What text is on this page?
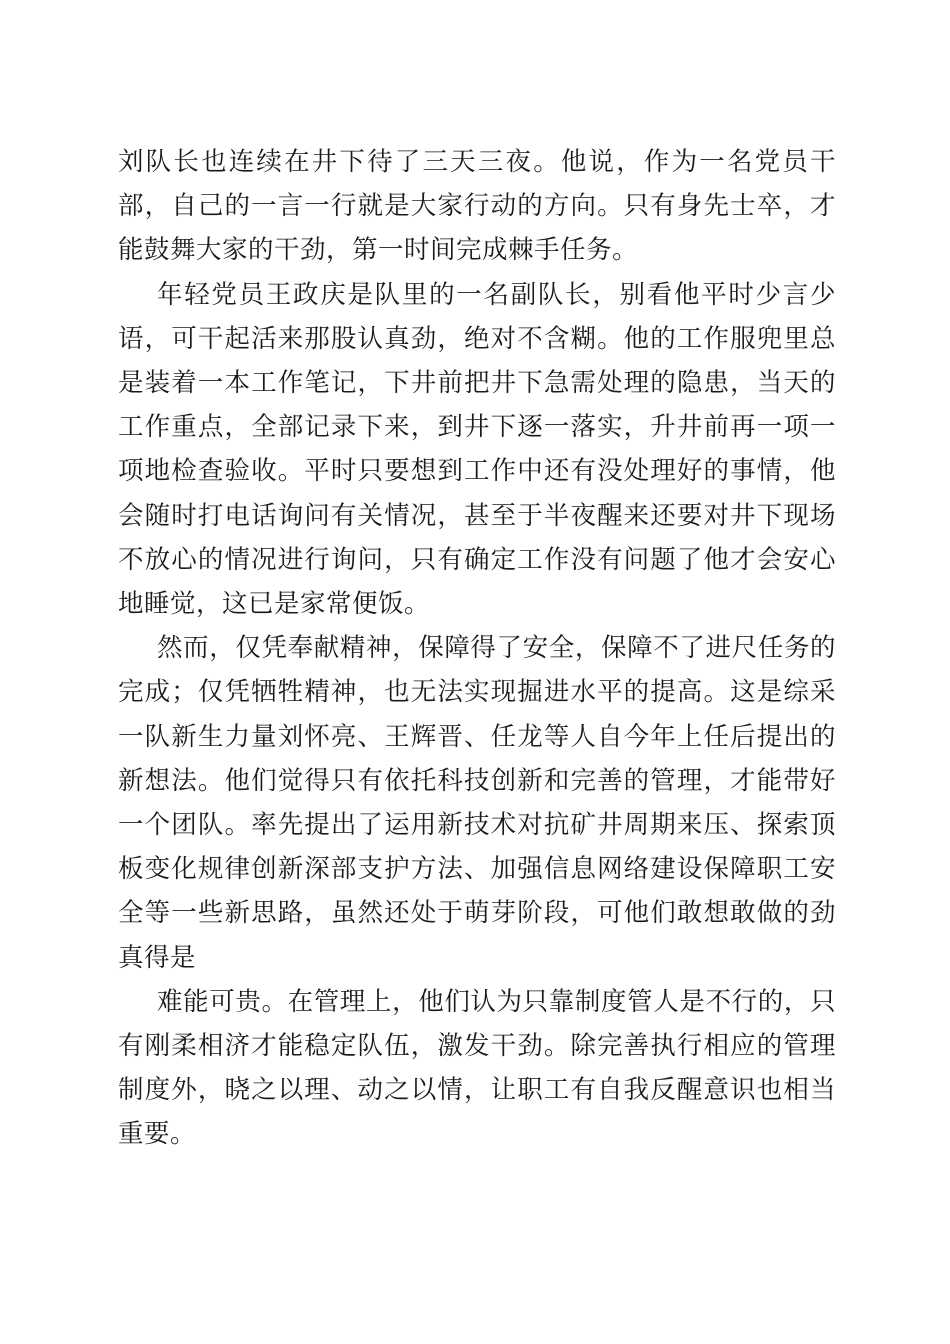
刘队长也连续在井下待了三天三夜。他说，作为一名党员干部，自己的一言一行就是大家行动的方向。只有身先士卒，才能鼓舞大家的干劲，第一时间完成棘手任务。

年轻党员王政庆是队里的一名副队长，别看他平时少言少语，可干起活来那股认真劲，绝对不含糊。他的工作服兜里总是装着一本工作笔记，下井前把井下急需处理的隐患，当天的工作重点，全部记录下来，到井下逐一落实，升井前再一项一项地检查验收。平时只要想到工作中还有没处理好的事情，他会随时打电话询问有关情况，甚至于半夜醒来还要对井下现场不放心的情况进行询问，只有确定工作没有问题了他才会安心地睡觉，这已是家常便饭。

然而，仅凭奉献精神，保障得了安全，保障不了进尺任务的完成；仅凭牺牲精神，也无法实现掘进水平的提高。这是综采一队新生力量刘怀亮、王辉晋、任龙等人自今年上任后提出的新想法。他们觉得只有依托科技创新和完善的管理，才能带好一个团队。率先提出了运用新技术对抗矿井周期来压、探索顶板变化规律创新深部支护方法、加强信息网络建设保障职工安全等一些新思路，虽然还处于萌芽阶段，可他们敢想敢做的劲真得是

难能可贵。在管理上，他们认为只靠制度管人是不行的，只有刚柔相济才能稳定队伍，激发干劲。除完善执行相应的管理制度外，晓之以理、动之以情，让职工有自我反醒意识也相当重要。
